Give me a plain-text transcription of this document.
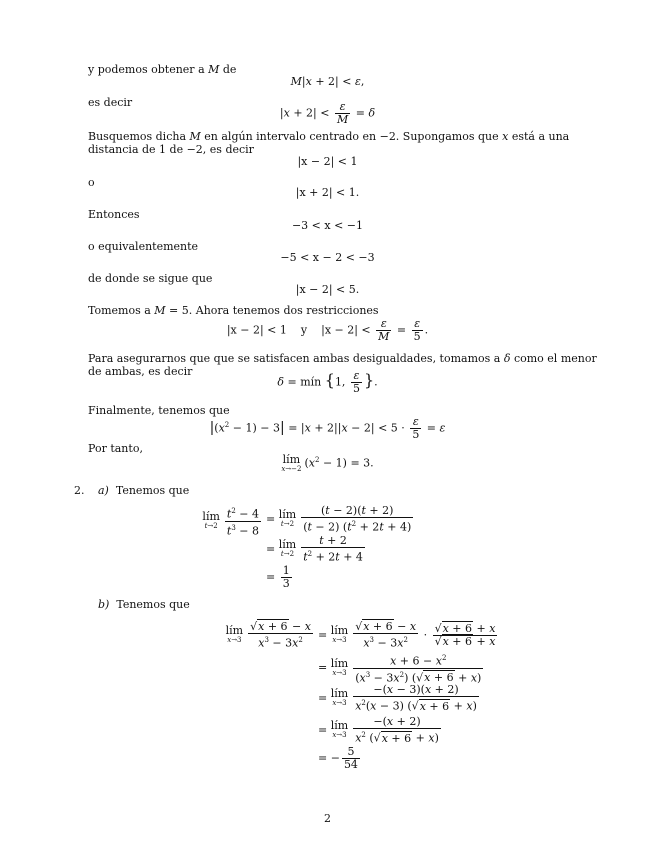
y podemos obtener a M de
M|x + 2| < ε,
es decir
$|x + 2| < \frac{\varepsilon}{M} = \delta$
Busquemos dicha M en algún intervalo centrado en −2. Supongamos que x está a una distancia de 1 de −2, es decir
|x − 2| < 1
o
|x + 2| < 1.
Entonces
−3 < x < −1
o equivalentemente
−5 < x − 2 < −3
de donde se sigue que
|x − 2| < 5.
Tomemos a M = 5. Ahora tenemos dos restricciones
|x − 2| < 1 y $|x - 2| < \frac{\varepsilon}{M} = \frac{\varepsilon}{5}$ .
Para asegurarnos que que se satisfacen ambas desigualdades, tomamos a δ como el menor de ambas, es decir
δ = mín {1, $\frac{\varepsilon}{5}$ }.
Finalmente, tenemos que
$|(x^2 - 1) - 3| = |x + 2||x - 2| < 5 \cdot \frac{\varepsilon}{5} = \varepsilon$
Por tanto,
lím
x→−2 $(x^2 - 1) = 3$.
2. a) Tenemos que
lím
$t\to 2 \frac{t^2 - 4}{t^3 - 8}$ = lím
$t\to 2 \frac{(t - 2)(t + 2)}{(t - 2) (t^2 + 2t + 4)}$
= lím
$t\to 2 \frac{t + 2}{t^2 + 2t + 4}$
= $\frac{1}{3}$
b) Tenemos que
lím
$x\to 3 \frac{√x + 6 - x}{x^3 - 3x^2}$ = lím
$x\to 3 \frac{√x + 6 - x}{x^3 - 3x^2} \cdot \frac{√x + 6 + x}{√x + 6 + x}$
= lím
$x\to 3 \frac{x + 6 - x^2}{(x^3 - 3x^2) (√x + 6 + x)}$
= lím
$x\to 3 \frac{-(x - 3)(x + 2)}{x^2(x - 3) (√x + 6 + x)}$
= lím
$x\to 3 \frac{-(x + 2)}{x^2 (√x + 6 + x)}$
= − $\frac{5}{54}$
2
